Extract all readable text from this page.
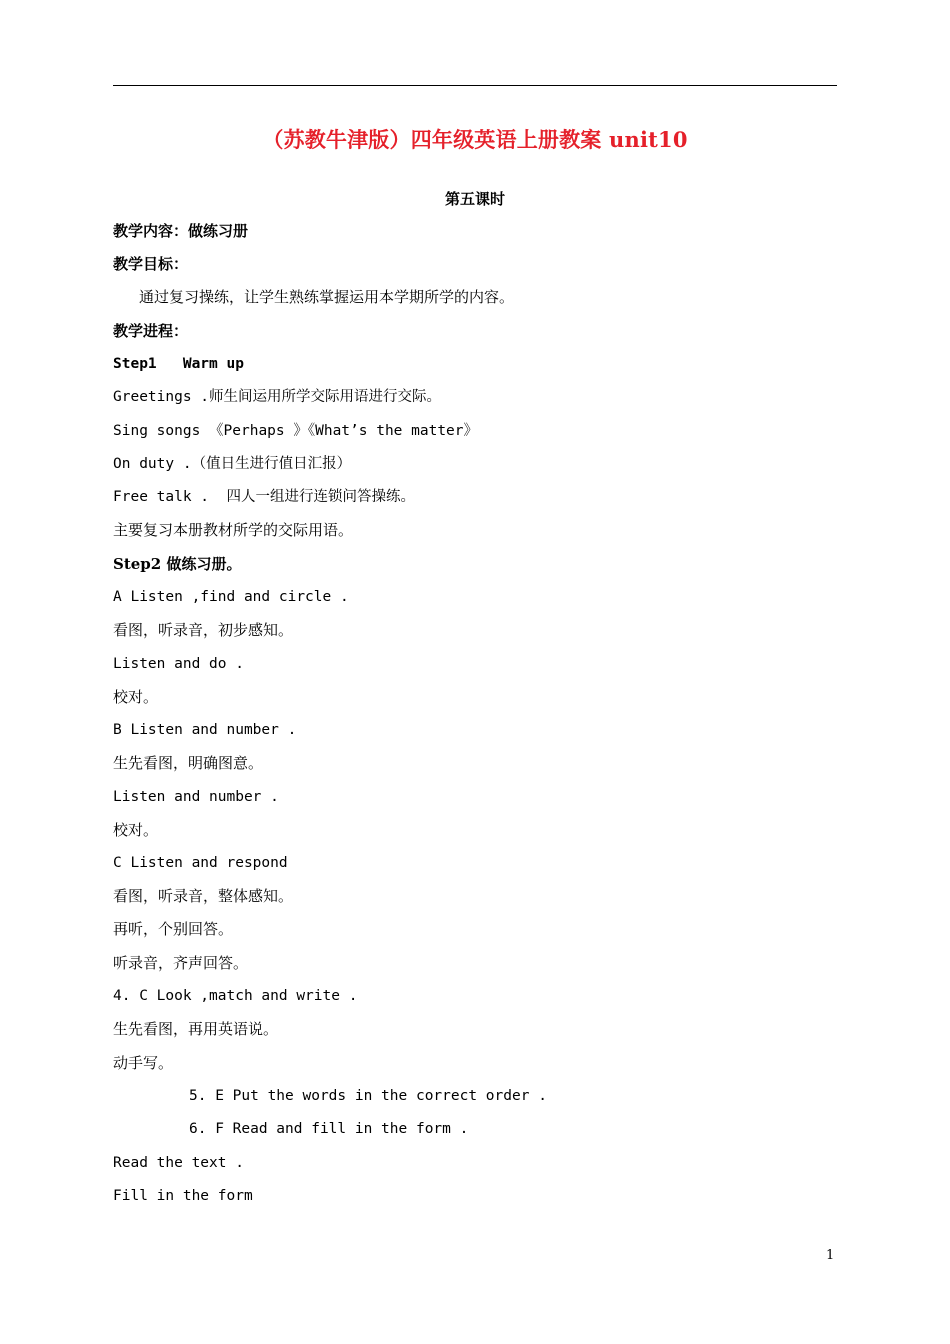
（苏教牛津版）四年级英语上册教案 unit10
第五课时
教学内容：做练习册
教学目标：
通过复习操练，让学生熟练掌握运用本学期所学的内容。
教学进程：
Step1   Warm up
Greetings .师生间运用所学交际用语进行交际。
Sing songs 《Perhaps 》《What’s the matter》
On duty .（值日生进行值日汇报）
Free talk .  四人一组进行连锁问答操练。
主要复习本册教材所学的交际用语。
Step2 做练习册。
A Listen ,find and circle .
看图，听录音，初步感知。
Listen and do .
校对。
B Listen and number .
生先看图，明确图意。
Listen and number .
校对。
C Listen and respond
看图，听录音，整体感知。
再听，个别回答。
听录音，齐声回答。
4. C Look ,match and write .
生先看图，再用英语说。
动手写。
5. E Put the words in the correct order .
6. F Read and fill in the form .
Read the text .
Fill in the form
1
